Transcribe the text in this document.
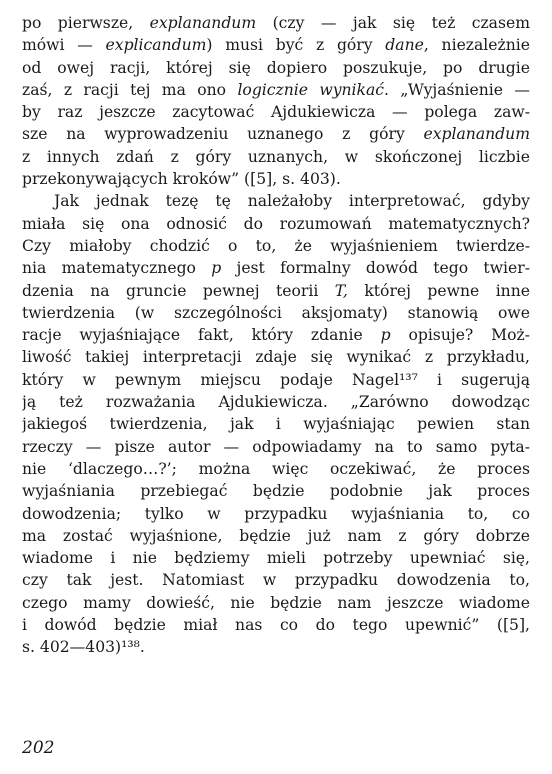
po pierwsze, explanandum (czy — jak się też czasem
mówi — explicandum) musi być z góry dane, niezależnie
od owej racji, której się dopiero poszukuje, po drugie
zaś, z racji tej ma ono logicznie wynikać. „Wyjaśnienie —
by raz jeszcze zacytować Ajdukiewicza — polega zaw-
sze na wyprowadzeniu uznanego z góry explanandum
z innych zdań z góry uznanych, w skończonej liczbie
przekonywających kroków” ([5], s. 403).
Jak jednak tezę tę należałoby interpretować, gdyby
miała się ona odnosić do rozumowań matematycznych?
Czy miałoby chodzić o to, że wyjaśnieniem twierdze-
nia matematycznego p jest formalny dowód tego twier-
dzenia na gruncie pewnej teorii T, której pewne inne
twierdzenia (w szczególności aksjomaty) stanowią owe
racje wyjaśniające fakt, który zdanie p opisuje? Moż-
liwość takiej interpretacji zdaje się wynikać z przykładu,
który w pewnym miejscu podaje Nagel¹³⁷ i sugerują
ją też rozważania Ajdukiewicza. „Zarówno dowodząc
jakiegoś twierdzenia, jak i wyjaśniając pewien stan
rzeczy — pisze autor — odpowiadamy na to samo pyta-
nie ‘dlaczego…?’; można więc oczekiwać, że proces
wyjaśniania przebiegać będzie podobnie jak proces
dowodzenia; tylko w przypadku wyjaśniania to, co
ma zostać wyjaśnione, będzie już nam z góry dobrze
wiadome i nie będziemy mieli potrzeby upewniać się,
czy tak jest. Natomiast w przypadku dowodzenia to,
czego mamy dowieść, nie będzie nam jeszcze wiadome
i dowód będzie miał nas co do tego upewnić” ([5],
s. 402—403)¹³⁸.
202
